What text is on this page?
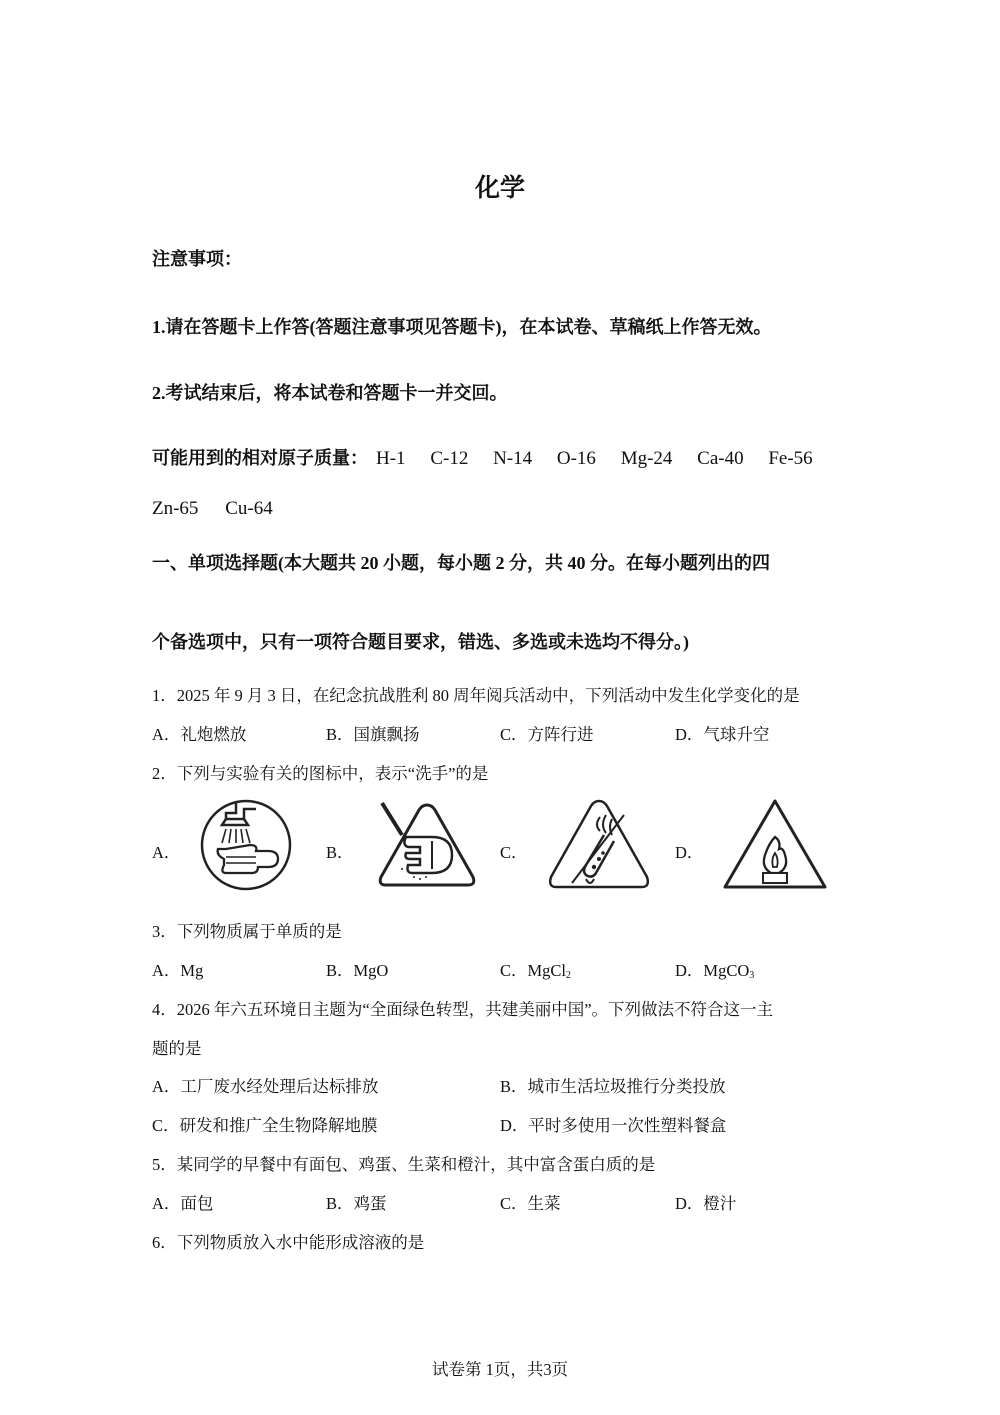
化学
注意事项：
1.请在答题卡上作答(答题注意事项见答题卡)，在本试卷、草稿纸上作答无效。
2.考试结束后，将本试卷和答题卡一并交回。
可能用到的相对原子质量： H-1 C-12 N-14 O-16 Mg-24 Ca-40 Fe-56
Zn-65 Cu-64
一、单项选择题(本大题共 20 小题，每小题 2 分，共 40 分。在每小题列出的四
个备选项中，只有一项符合题目要求，错选、多选或未选均不得分。)
1．2025 年 9 月 3 日，在纪念抗战胜利 80 周年阅兵活动中，下列活动中发生化学变化的是
A．礼炮燃放	B．国旗飘扬	C．方阵行进	D．气球升空
2．下列与实验有关的图标中，表示“洗手”的是
A．	B．	C．	D．
3．下列物质属于单质的是
A．Mg	B．MgO	C．MgCl$_2$	D．MgCO$_3$
4．2026 年六五环境日主题为“全面绿色转型，共建美丽中国”。下列做法不符合这一主
题的是
A．工厂废水经处理后达标排放	B．城市生活垃圾推行分类投放
C．研发和推广全生物降解地膜	D．平时多使用一次性塑料餐盒
5．某同学的早餐中有面包、鸡蛋、生菜和橙汁，其中富含蛋白质的是
A．面包	B．鸡蛋	C．生菜	D．橙汁
6．下列物质放入水中能形成溶液的是
试卷第 1页，共3页
